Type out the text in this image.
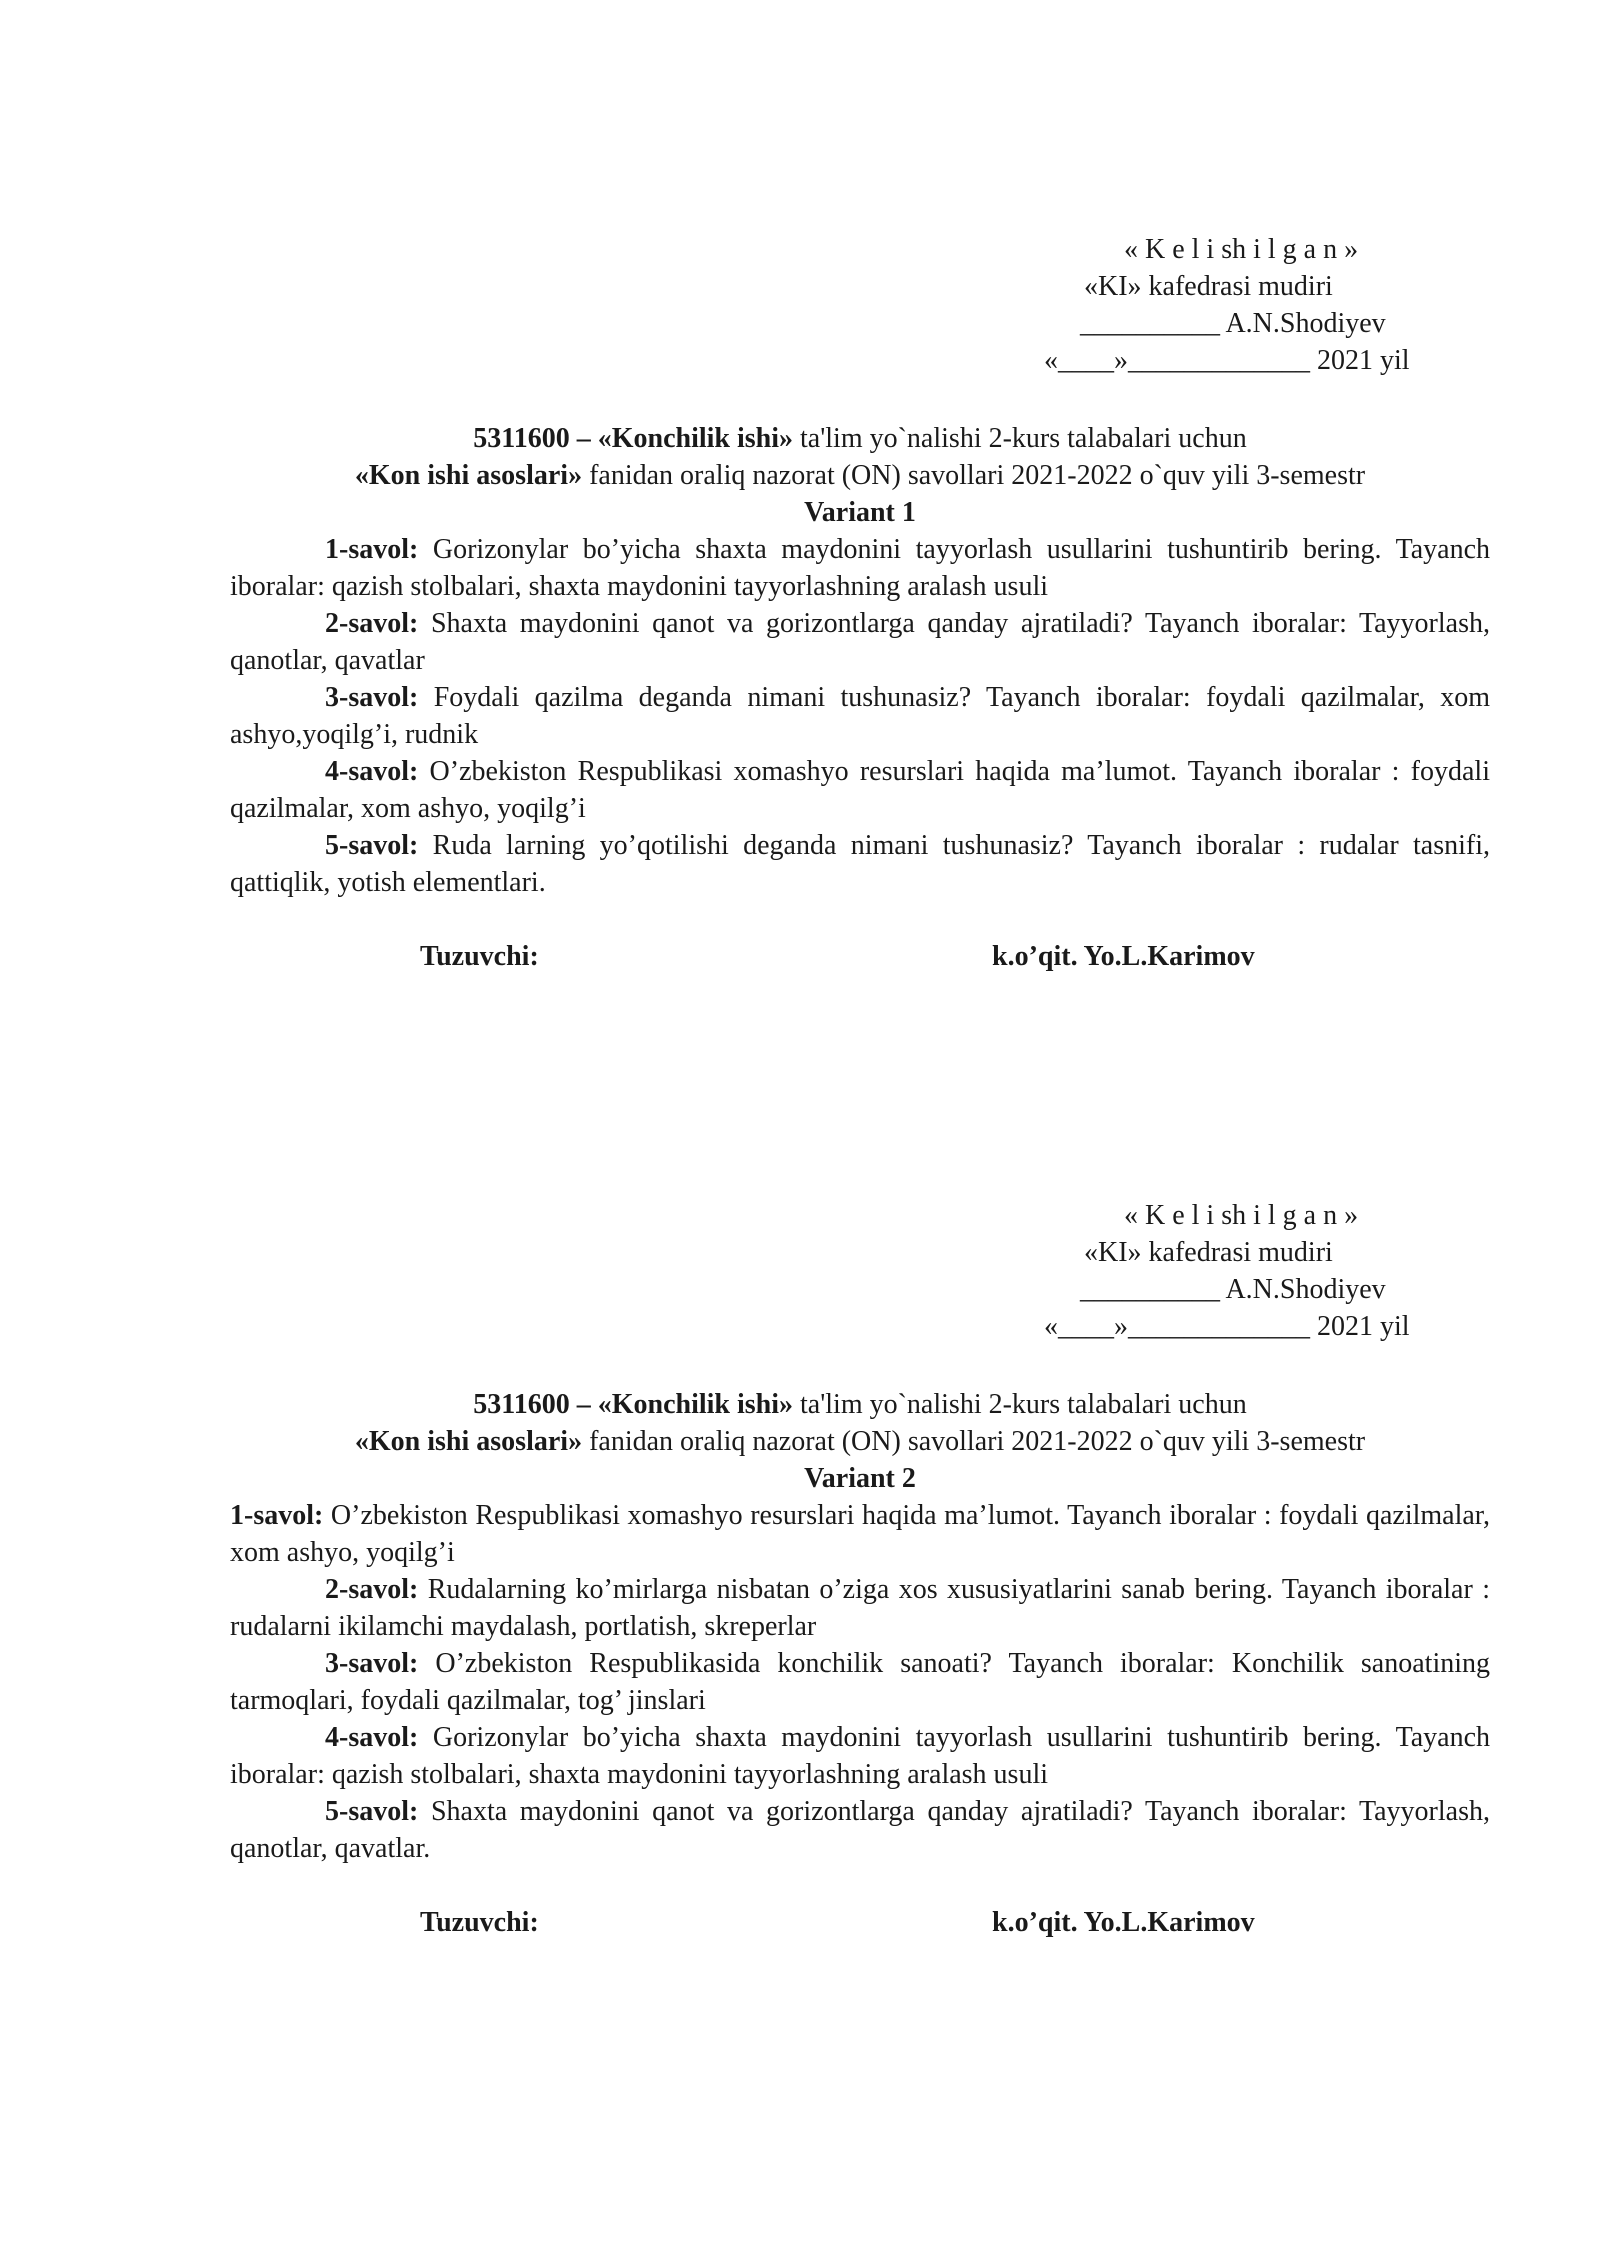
« K e l i sh i l g a n »
«KI» kafedrasi mudiri
__________ A.N.Shodiyev
«____»_____________ 2021 yil

5311600 – «Konchilik ishi» ta'lim yo`nalishi 2-kurs talabalari uchun

«Kon ishi asoslari» fanidan oraliq nazorat (ON) savollari 2021-2022 o`quv yili 3-semestr

Variant 1

1-savol: Gorizonylar bo’yicha shaxta maydonini tayyorlash usullarini tushuntirib bering. Tayanch iboralar: qazish stolbalari, shaxta maydonini tayyorlashning aralash usuli

2-savol: Shaxta maydonini qanot va gorizontlarga qanday ajratiladi? Tayanch iboralar: Tayyorlash, qanotlar, qavatlar

3-savol: Foydali qazilma deganda nimani tushunasiz? Tayanch iboralar: foydali qazilmalar, xom ashyo,yoqilg’i, rudnik

4-savol: O’zbekiston Respublikasi xomashyo resurslari haqida ma’lumot. Tayanch iboralar : foydali qazilmalar, xom ashyo, yoqilg’i

5-savol: Ruda larning yo’qotilishi deganda nimani tushunasiz? Tayanch iboralar : rudalar tasnifi, qattiqlik, yotish elementlari.

Tuzuvchi:	k.o’qit. Yo.L.Karimov
« K e l i sh i l g a n »
«KI» kafedrasi mudiri
__________ A.N.Shodiyev
«____»_____________ 2021 yil

5311600 – «Konchilik ishi» ta'lim yo`nalishi 2-kurs talabalari uchun

«Kon ishi asoslari» fanidan oraliq nazorat (ON) savollari 2021-2022 o`quv yili 3-semestr

Variant 2

1-savol: O’zbekiston Respublikasi xomashyo resurslari haqida ma’lumot. Tayanch iboralar : foydali qazilmalar, xom ashyo, yoqilg’i

2-savol: Rudalarning ko’mirlarga nisbatan o’ziga xos xususiyatlarini sanab bering. Tayanch iboralar : rudalarni ikilamchi maydalash, portlatish, skreperlar

3-savol: O’zbekiston Respublikasida konchilik sanoati? Tayanch iboralar: Konchilik sanoatining tarmoqlari, foydali qazilmalar, tog’ jinslari

4-savol: Gorizonylar bo’yicha shaxta maydonini tayyorlash usullarini tushuntirib bering. Tayanch iboralar: qazish stolbalari, shaxta maydonini tayyorlashning aralash usuli

5-savol: Shaxta maydonini qanot va gorizontlarga qanday ajratiladi? Tayanch iboralar: Tayyorlash, qanotlar, qavatlar.

Tuzuvchi:	k.o’qit. Yo.L.Karimov
